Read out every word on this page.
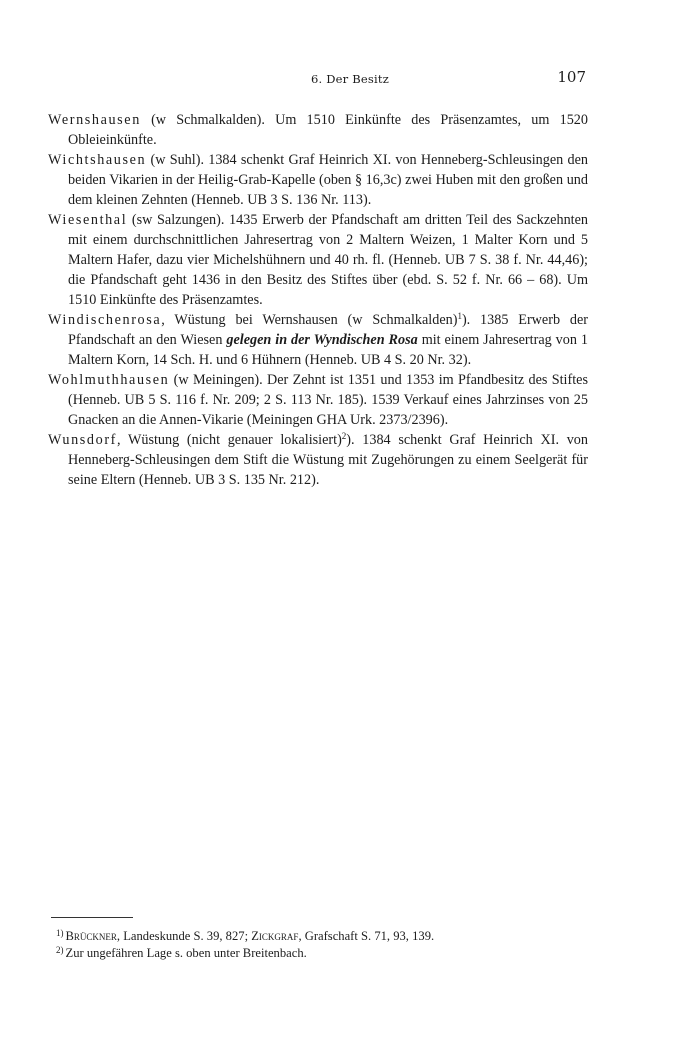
6. Der Besitz	107

Wernshausen (w Schmalkalden). Um 1510 Einkünfte des Präsenzamtes, um 1520 Obleieinkünfte.

Wichtshausen (w Suhl). 1384 schenkt Graf Heinrich XI. von Henneberg-Schleusingen den beiden Vikarien in der Heilig-Grab-Kapelle (oben § 16,3c) zwei Huben mit den großen und dem kleinen Zehnten (Henneb. UB 3 S. 136 Nr. 113).

Wiesenthal (sw Salzungen). 1435 Erwerb der Pfandschaft am dritten Teil des Sackzehnten mit einem durchschnittlichen Jahresertrag von 2 Maltern Weizen, 1 Malter Korn und 5 Maltern Hafer, dazu vier Michelshühnern und 40 rh. fl. (Henneb. UB 7 S. 38 f. Nr. 44,46); die Pfandschaft geht 1436 in den Besitz des Stiftes über (ebd. S. 52 f. Nr. 66 – 68). Um 1510 Einkünfte des Präsenzamtes.

Windischenrosa, Wüstung bei Wernshausen (w Schmalkalden)$^1$). 1385 Erwerb der Pfandschaft an den Wiesen gelegen in der Wyndischen Rosa mit einem Jahresertrag von 1 Maltern Korn, 14 Sch. H. und 6 Hühnern (Henneb. UB 4 S. 20 Nr. 32).

Wohlmuthhausen (w Meiningen). Der Zehnt ist 1351 und 1353 im Pfandbesitz des Stiftes (Henneb. UB 5 S. 116 f. Nr. 209; 2 S. 113 Nr. 185). 1539 Verkauf eines Jahrzinses von 25 Gnacken an die Annen-Vikarie (Meiningen GHA Urk. 2373/2396).

Wunsdorf, Wüstung (nicht genauer lokalisiert)$^2$). 1384 schenkt Graf Heinrich XI. von Henneberg-Schleusingen dem Stift die Wüstung mit Zugehörungen zu einem Seelgerät für seine Eltern (Henneb. UB 3 S. 135 Nr. 212).

$^{1)}$ Brückner, Landeskunde S. 39, 827; Zickgraf, Grafschaft S. 71, 93, 139.

$^{2)}$ Zur ungefähren Lage s. oben unter Breitenbach.
